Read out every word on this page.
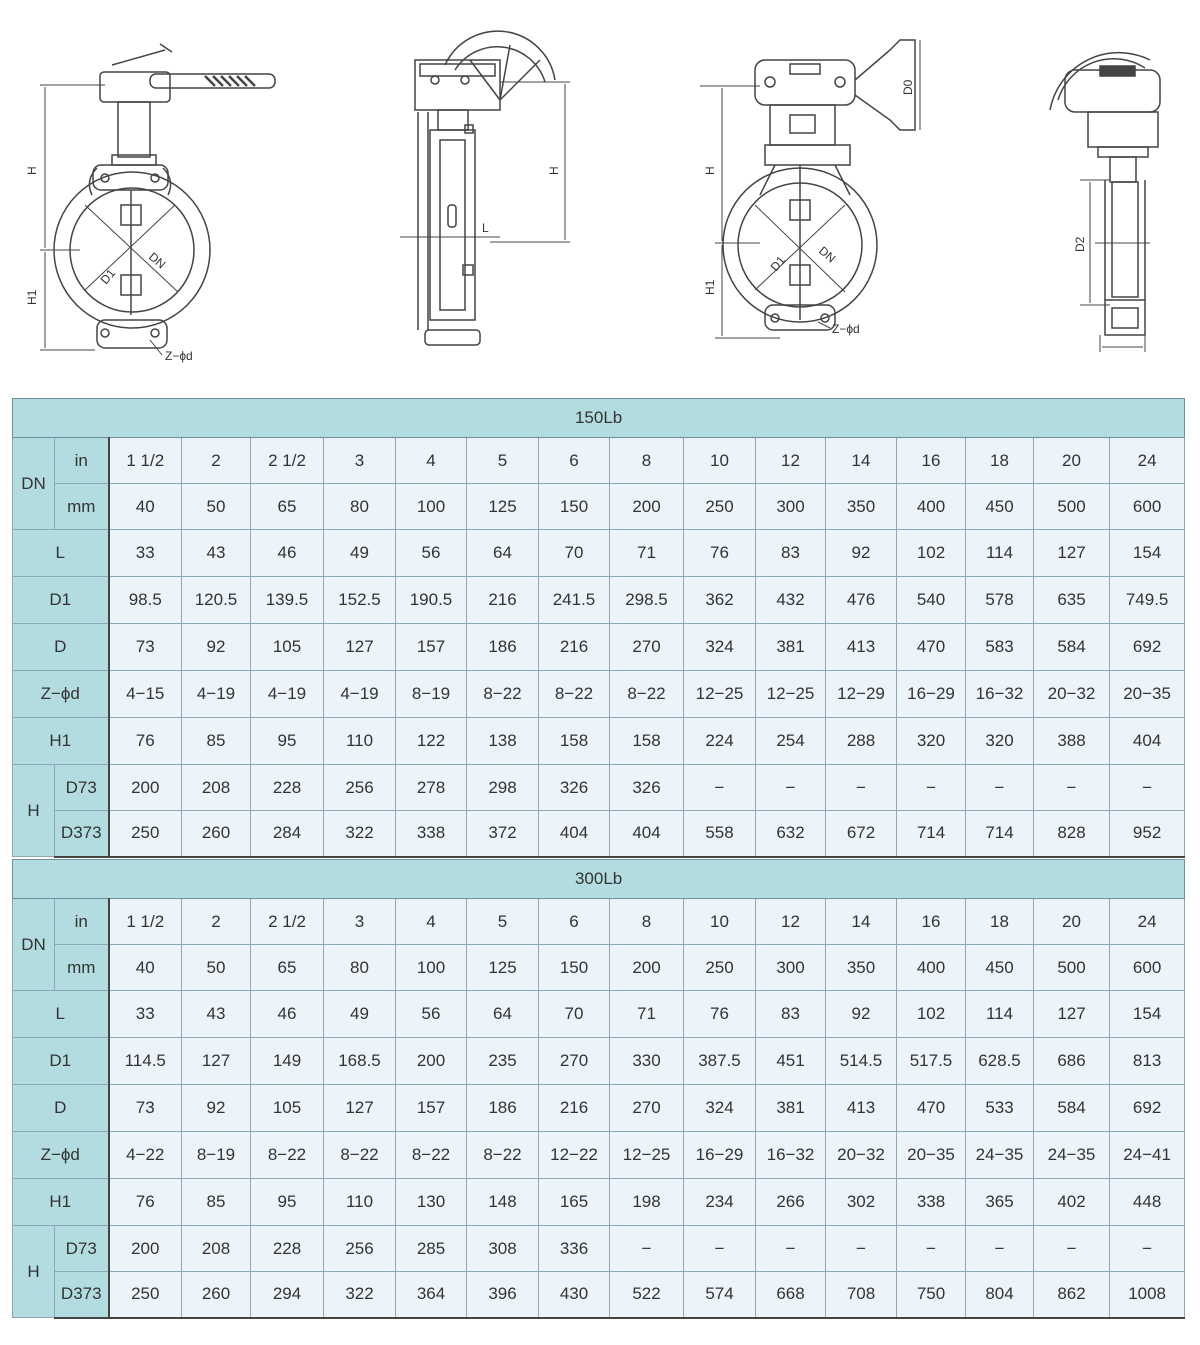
H
H1
D1
DN
Z−ϕd
H
L
H
H1
D0
D1 DN
Z−ϕd
D2
150Lb																
DN	in	1 1/2	2	2 1/2	3	4	5	6	8	10	12	14	16	18	20	24
	mm	40	50	65	80	100	125	150	200	250	300	350	400	450	500	600
L		33	43	46	49	56	64	70	71	76	83	92	102	114	127	154
D1		98.5	120.5	139.5	152.5	190.5	216	241.5	298.5	362	432	476	540	578	635	749.5
D		73	92	105	127	157	186	216	270	324	381	413	470	583	584	692
Z−ϕd		4−15	4−19	4−19	4−19	8−19	8−22	8−22	8−22	12−25	12−25	12−29	16−29	16−32	20−32	20−35
H1		76	85	95	110	122	138	158	158	224	254	288	320	320	388	404
H	D73	200	208	228	256	278	298	326	326	−	−	−	−	−	−	−
	D373	250	260	284	322	338	372	404	404	558	632	672	714	714	828	952
300Lb																
DN	in	1 1/2	2	2 1/2	3	4	5	6	8	10	12	14	16	18	20	24
	mm	40	50	65	80	100	125	150	200	250	300	350	400	450	500	600
L		33	43	46	49	56	64	70	71	76	83	92	102	114	127	154
D1		114.5	127	149	168.5	200	235	270	330	387.5	451	514.5	517.5	628.5	686	813
D		73	92	105	127	157	186	216	270	324	381	413	470	533	584	692
Z−ϕd		4−22	8−19	8−22	8−22	8−22	8−22	12−22	12−25	16−29	16−32	20−32	20−35	24−35	24−35	24−41
H1		76	85	95	110	130	148	165	198	234	266	302	338	365	402	448
H	D73	200	208	228	256	285	308	336	−	−	−	−	−	−	−	−
	D373	250	260	294	322	364	396	430	522	574	668	708	750	804	862	1008
